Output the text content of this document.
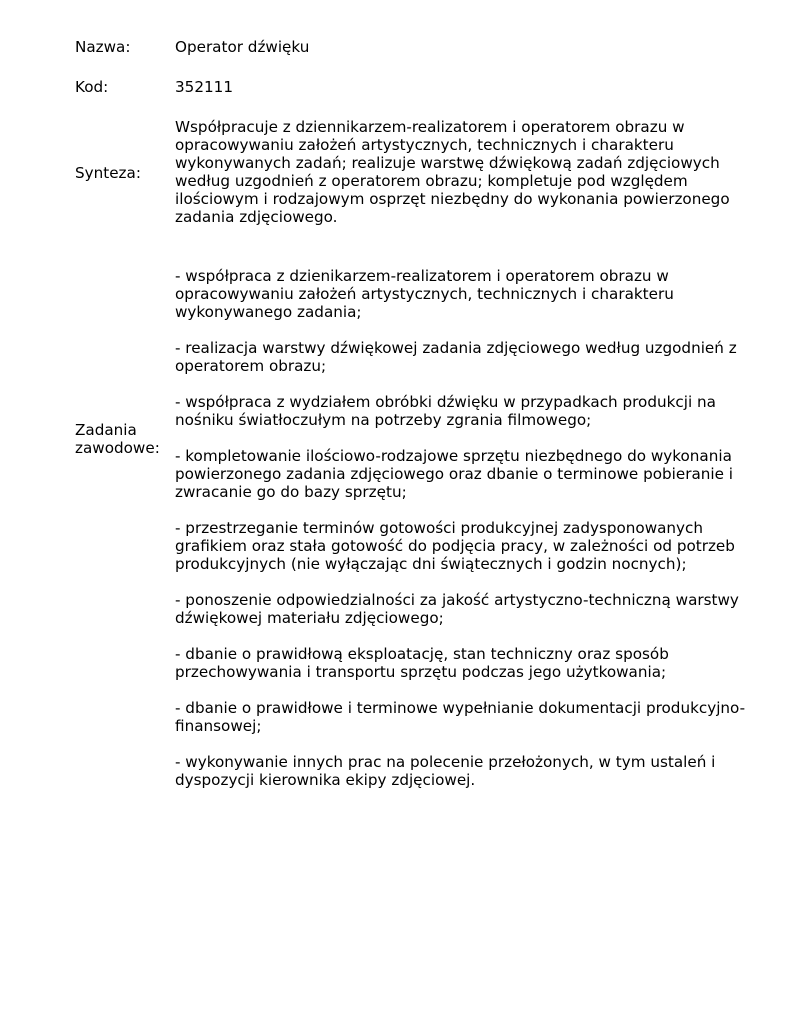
Nazwa:	Operator dźwięku
Kod:	352111
Synteza:
Współpracuje z dziennikarzem-realizatorem i operatorem obrazu w opracowywaniu założeń artystycznych, technicznych i charakteru wykonywanych zadań; realizuje warstwę dźwiękową zadań zdjęciowych według uzgodnień z operatorem obrazu; kompletuje pod względem ilościowym i rodzajowym osprzęt niezbędny do wykonania powierzonego zadania zdjęciowego.
Zadania
zawodowe:

- współpraca z dzienikarzem-realizatorem i operatorem obrazu w opracowywaniu założeń artystycznych, technicznych i charakteru wykonywanego zadania;

- realizacja warstwy dźwiękowej zadania zdjęciowego według uzgodnień z operatorem obrazu;

- współpraca z wydziałem obróbki dźwięku w przypadkach produkcji na nośniku światłoczułym na potrzeby zgrania filmowego;

- kompletowanie ilościowo-rodzajowe sprzętu niezbędnego do wykonania powierzonego zadania zdjęciowego oraz dbanie o terminowe pobieranie i zwracanie go do bazy sprzętu;

- przestrzeganie terminów gotowości produkcyjnej zadysponowanych grafikiem oraz stała gotowość do podjęcia pracy, w zależności od potrzeb produkcyjnych (nie wyłączając dni świątecznych i godzin nocnych);

- ponoszenie odpowiedzialności za jakość artystyczno-techniczną warstwy dźwiękowej materiału zdjęciowego;

- dbanie o prawidłową eksploatację, stan techniczny oraz sposób przechowywania i transportu sprzętu podczas jego użytkowania;

- dbanie o prawidłowe i terminowe wypełnianie dokumentacji produkcyjno- finansowej;

- wykonywanie innych prac na polecenie przełożonych, w tym ustaleń i dyspozycji kierownika ekipy zdjęciowej.
